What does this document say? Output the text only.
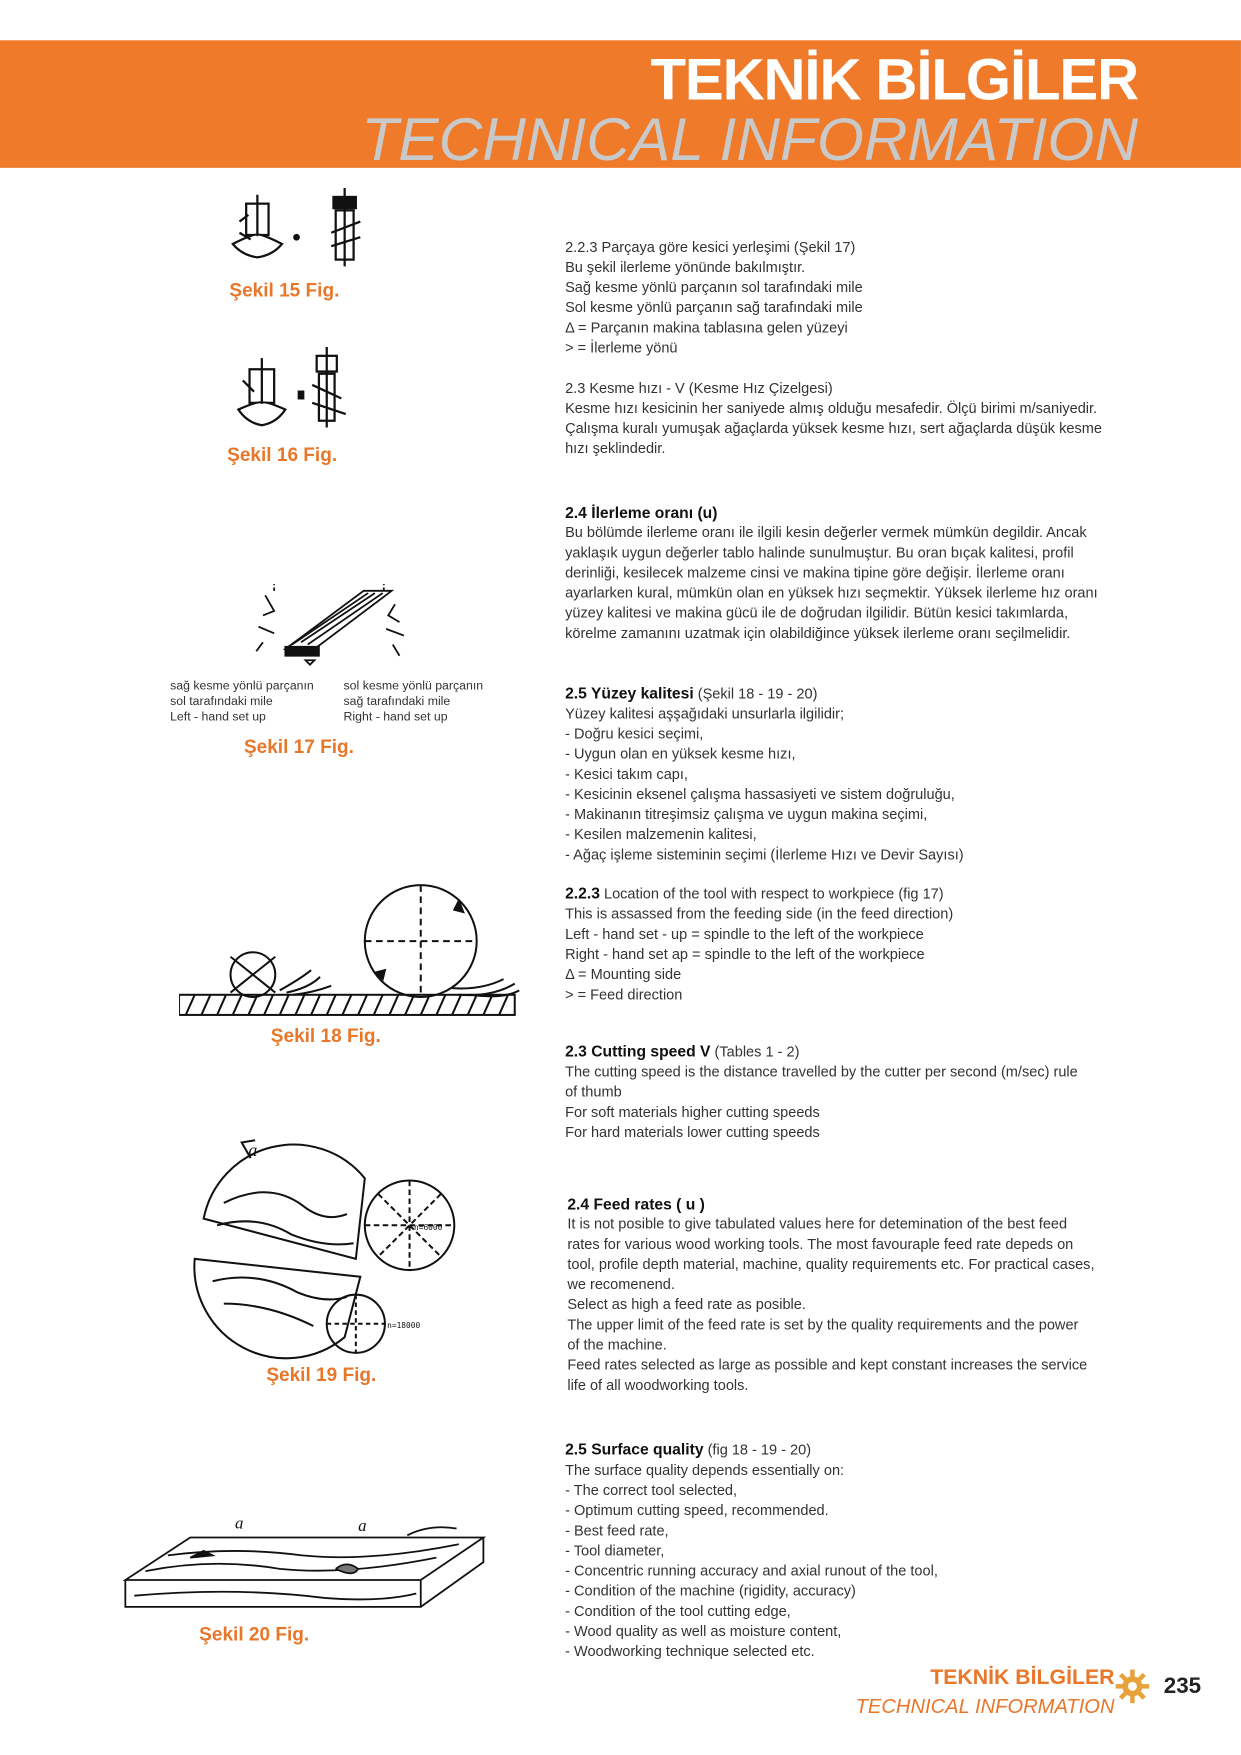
TEKNİK BİLGİLER
TECHNICAL INFORMATION
Şekil 15 Fig.
Şekil 16 Fig.
sağ kesme yönlü parçanın
sol tarafındaki mile
Left - hand set up
sol kesme yönlü parçanın
sağ tarafındaki mile
Right - hand set up
Şekil 17 Fig.
Şekil 18 Fig.
a
n=6000
n=18000
Şekil 19 Fig.
a	a
Şekil 20 Fig.
2.2.3 Parçaya göre kesici yerleşimi (Şekil 17)
Bu şekil ilerleme yönünde bakılmıştır.
Sağ kesme yönlü parçanın sol tarafındaki mile
Sol kesme yönlü parçanın sağ tarafındaki mile
Δ = Parçanın makina tablasına gelen yüzeyi
> = İlerleme yönü
2.3 Kesme hızı - V (Kesme Hız Çizelgesi)
Kesme hızı kesicinin her saniyede almış olduğu mesafedir. Ölçü birimi m/saniyedir.
Çalışma kuralı yumuşak ağaçlarda yüksek kesme hızı, sert ağaçlarda düşük kesme
hızı şeklindedir.
2.4 İlerleme oranı (u)
Bu bölümde ilerleme oranı ile ilgili kesin değerler vermek mümkün degildir. Ancak
yaklaşık uygun değerler tablo halinde sunulmuştur. Bu oran bıçak kalitesi, profil
derinliği, kesilecek malzeme cinsi ve makina tipine göre değişir. İlerleme oranı
ayarlarken kural, mümkün olan en yüksek hızı seçmektir. Yüksek ilerleme hız oranı
yüzey kalitesi ve makina gücü ile de doğrudan ilgilidir. Bütün kesici takımlarda,
körelme zamanını uzatmak için olabildiğince yüksek ilerleme oranı seçilmelidir.
2.5 Yüzey kalitesi (Şekil 18 - 19 - 20)
Yüzey kalitesi aşşağıdaki unsurlarla ilgilidir;
- Doğru kesici seçimi,
- Uygun olan en yüksek kesme hızı,
- Kesici takım capı,
- Kesicinin eksenel çalışma hassasiyeti ve sistem doğruluğu,
- Makinanın titreşimsiz çalışma ve uygun makina seçimi,
- Kesilen malzemenin kalitesi,
- Ağaç işleme sisteminin seçimi (İlerleme Hızı ve Devir Sayısı)
2.2.3 Location of the tool with respect to workpiece (fig 17)
This is assassed from the feeding side (in the feed direction)
Left - hand set - up = spindle to the left of the workpiece
Right - hand set ap = spindle to the left of the workpiece
Δ = Mounting side
> = Feed direction
2.3 Cutting speed V (Tables 1 - 2)
The cutting speed is the distance travelled by the cutter per second (m/sec) rule
of thumb
For soft materials higher cutting speeds
For hard materials lower cutting speeds
2.4 Feed rates ( u )
It is not posible to give tabulated values here for detemination of the best feed
rates for various wood working tools. The most favouraple feed rate depeds on
tool, profile depth material, machine, quality requirements etc. For practical cases,
we recomenend.
Select as high a feed rate as posible.
The upper limit of the feed rate is set by the quality requirements and the power
of the machine.
Feed rates selected as large as possible and kept constant increases the service
life of all woodworking tools.
2.5 Surface quality (fig 18 - 19 - 20)
The surface quality depends essentially on:
- The correct tool selected,
- Optimum cutting speed, recommended.
- Best feed rate,
- Tool diameter,
- Concentric running accuracy and axial runout of the tool,
- Condition of the machine (rigidity, accuracy)
- Condition of the tool cutting edge,
- Wood quality as well as moisture content,
- Woodworking technique selected etc.
TEKNİK BİLGİLER
TECHNICAL INFORMATION
235
